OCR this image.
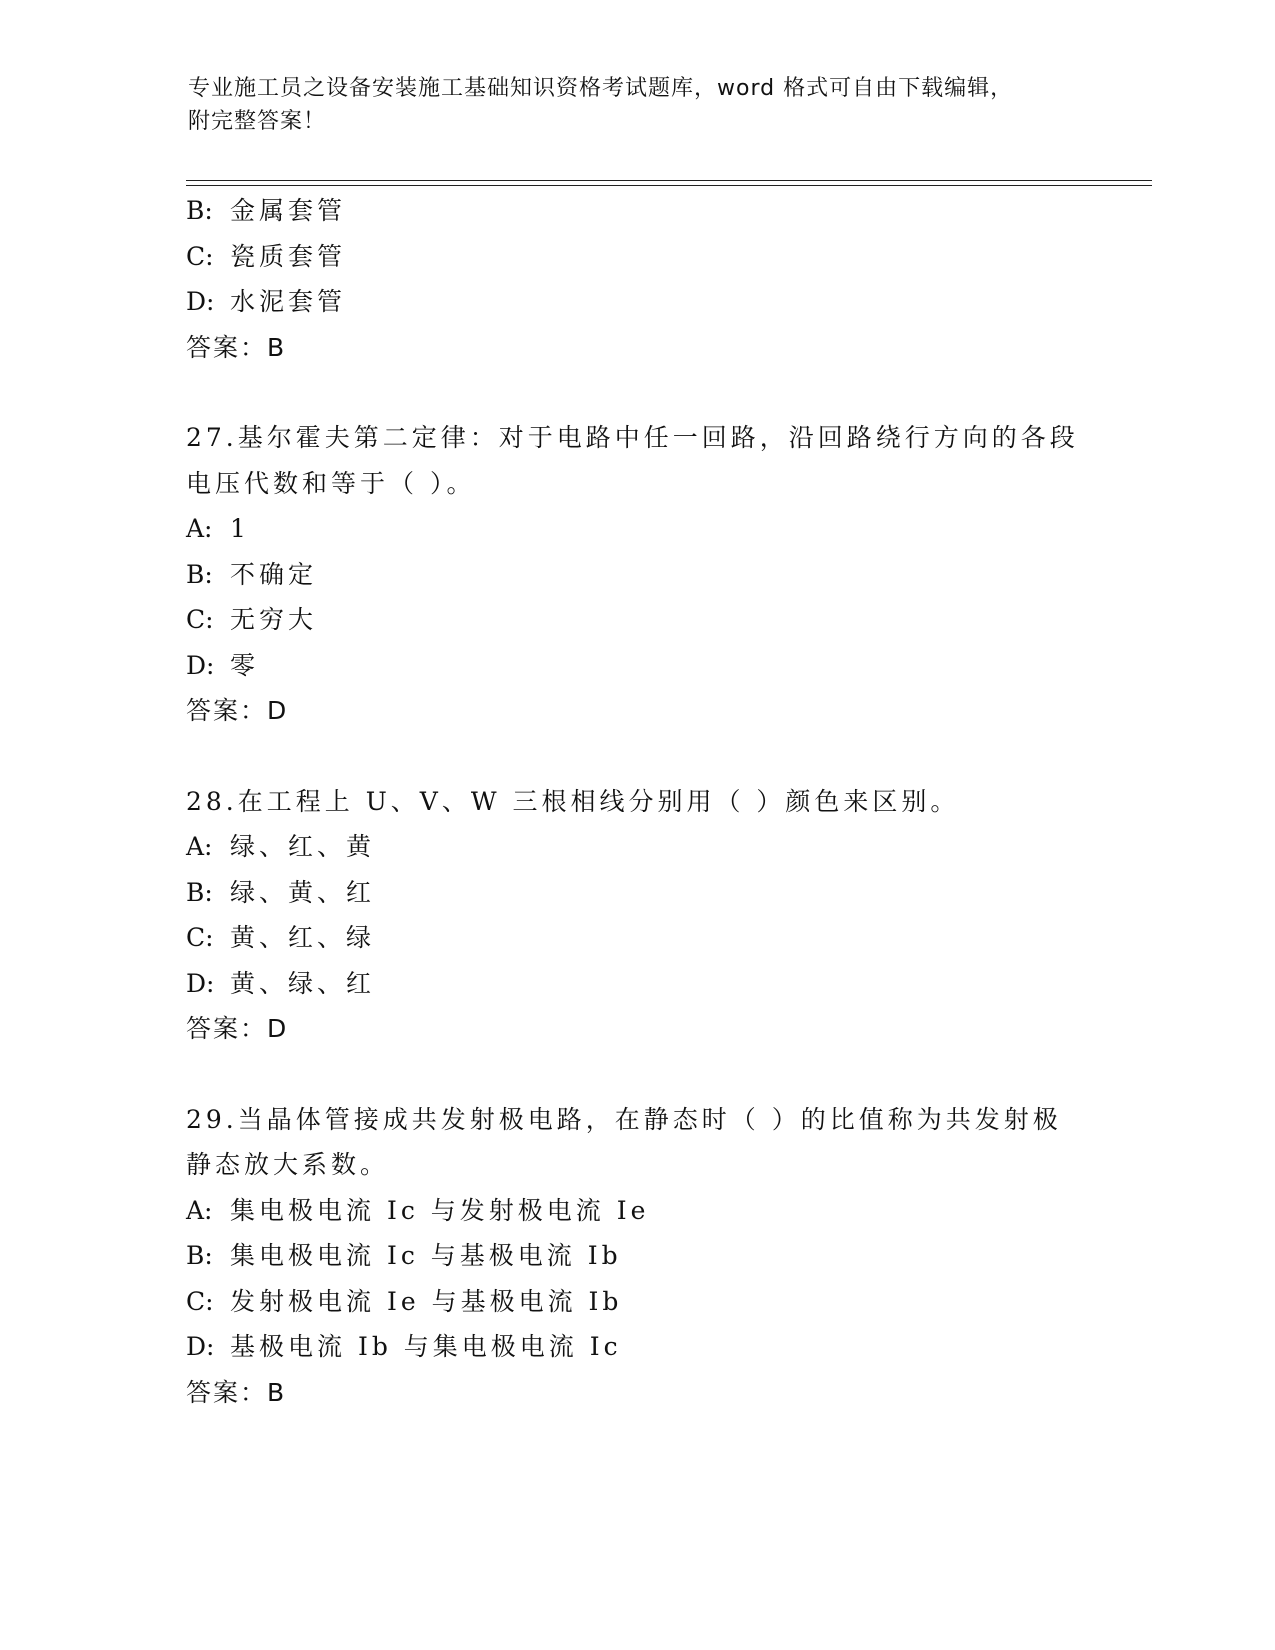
专业施工员之设备安装施工基础知识资格考试题库，word 格式可自由下载编辑，
附完整答案！
B: 金属套管
C: 瓷质套管
D: 水泥套管
答案：B
27.基尔霍夫第二定律：对于电路中任一回路，沿回路绕行方向的各段
电压代数和等于（ ）。
A: 1
B: 不确定
C: 无穷大
D: 零
答案：D
28.在工程上 U、V、W 三根相线分别用（ ）颜色来区别。
A: 绿、红、黄
B: 绿、黄、红
C: 黄、红、绿
D: 黄、绿、红
答案：D
29.当晶体管接成共发射极电路，在静态时（ ）的比值称为共发射极
静态放大系数。
A: 集电极电流 Ic 与发射极电流 Ie
B: 集电极电流 Ic 与基极电流 Ib
C: 发射极电流 Ie 与基极电流 Ib
D: 基极电流 Ib 与集电极电流 Ic
答案：B
